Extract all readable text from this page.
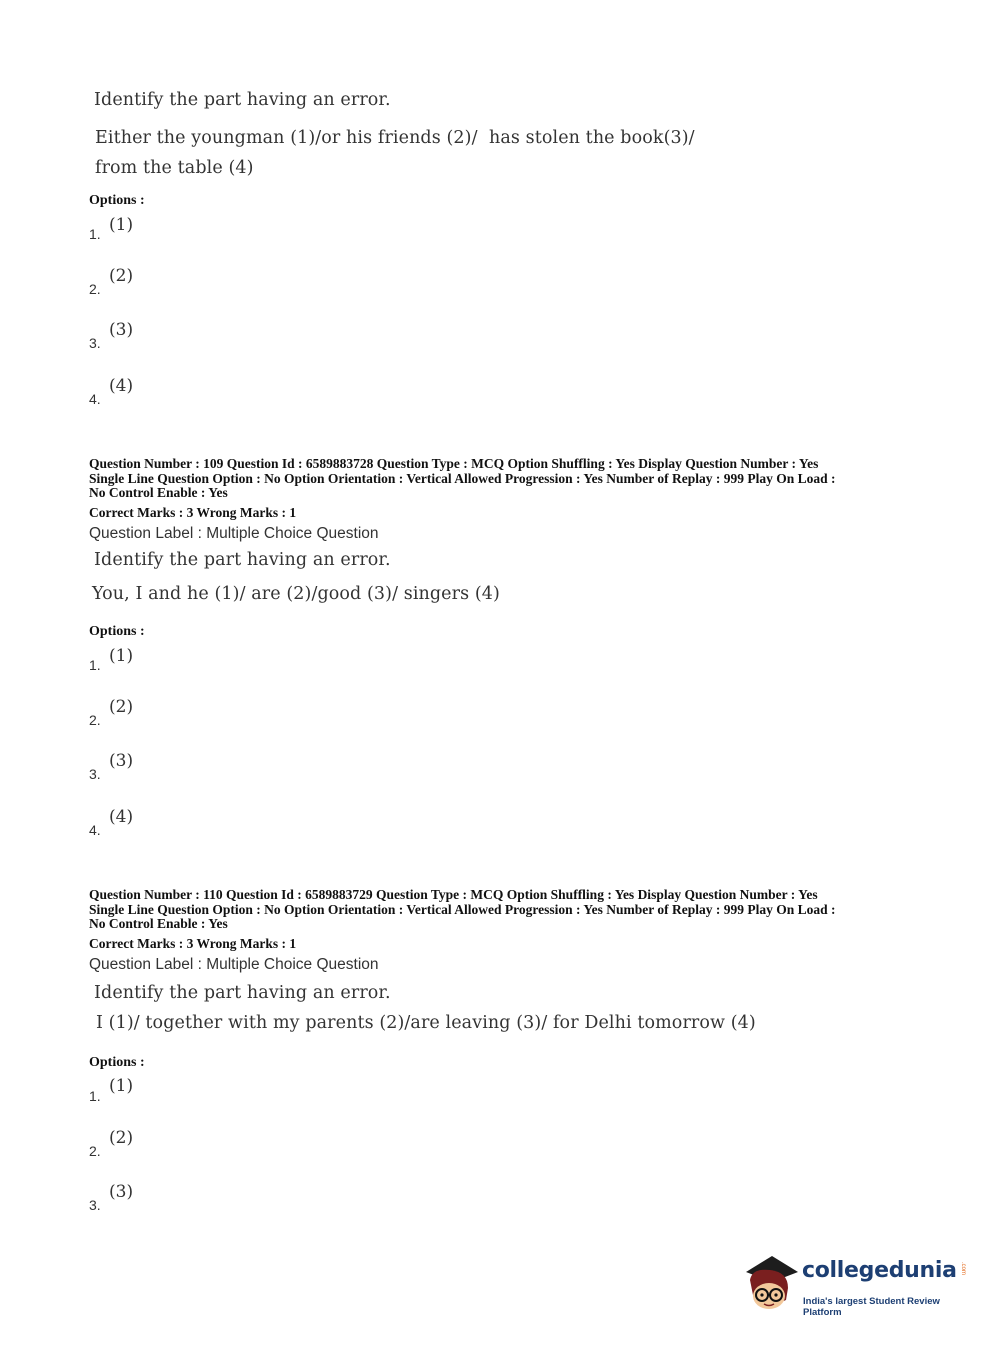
Identify the part having an error.
Either the youngman (1)/or his friends (2)/ has stolen the book(3)/
from the table (4)
Options :
1. (1)
2.
(2)
3.
(3)
4.
(4)
Question Number : 109 Question Id : 6589883728 Question Type : MCQ Option Shuffling : Yes Display Question Number : Yes
Single Line Question Option : No Option Orientation : Vertical Allowed Progression : Yes Number of Replay : 999 Play On Load :
No Control Enable : Yes
Correct Marks : 3 Wrong Marks : 1
Question Label : Multiple Choice Question
Identify the part having an error.
You, I and he (1)/ are (2)/good (3)/ singers (4)
Options :
1. (1)
2.
(2)
3.
(3)
4.
(4)
Question Number : 110 Question Id : 6589883729 Question Type : MCQ Option Shuffling : Yes Display Question Number : Yes
Single Line Question Option : No Option Orientation : Vertical Allowed Progression : Yes Number of Replay : 999 Play On Load :
No Control Enable : Yes
Correct Marks : 3 Wrong Marks : 1
Question Label : Multiple Choice Question
Identify the part having an error.
I (1)/ together with my parents (2)/are leaving (3)/ for Delhi tomorrow (4)
Options :
1. (1)
2.
(2)
3.
(3)
collegedunia .com
India's largest Student Review Platform
